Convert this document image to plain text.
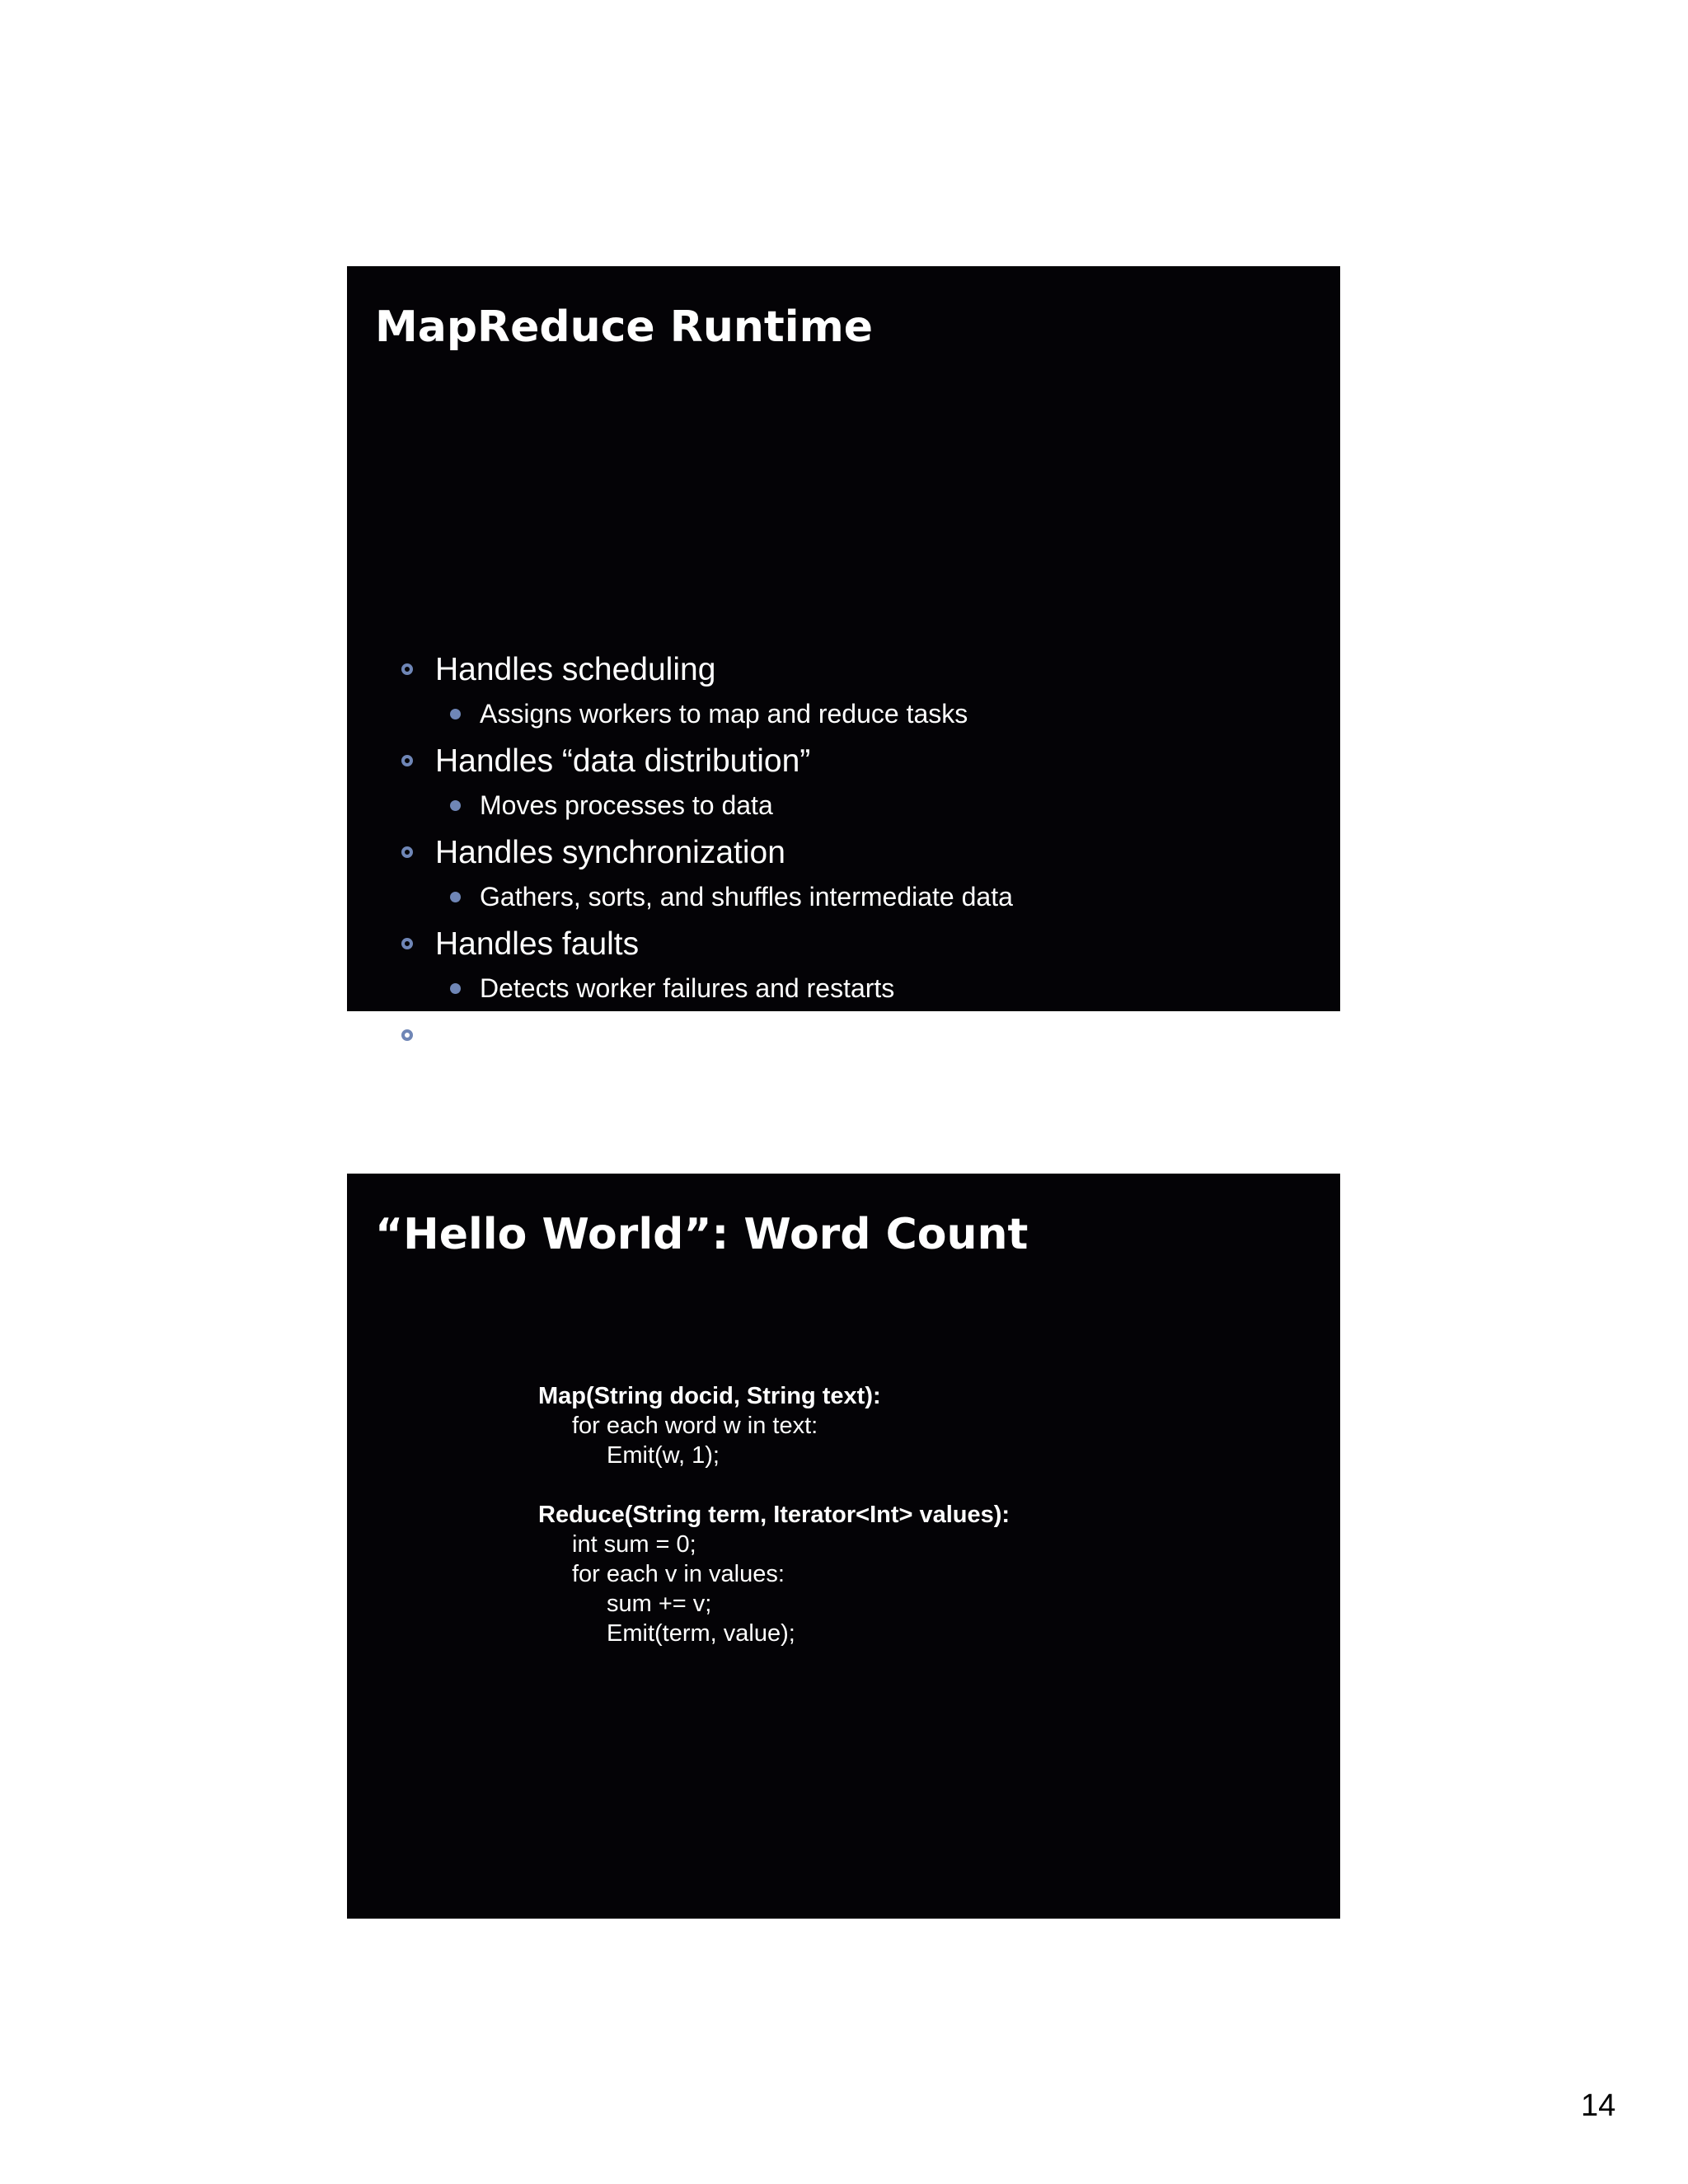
MapReduce Runtime
Handles scheduling
Assigns workers to map and reduce tasks
Handles “data distribution”
Moves processes to data
Handles synchronization
Gathers, sorts, and shuffles intermediate data
Handles faults
Detects worker failures and restarts
Everything happens on top of a distributed FS (later)
“Hello World”: Word Count
Map(String docid, String text):
for each word w in text:
Emit(w, 1);
Reduce(String term, Iterator<Int> values):
int sum = 0;
for each v in values:
sum += v;
Emit(term, value);
14
